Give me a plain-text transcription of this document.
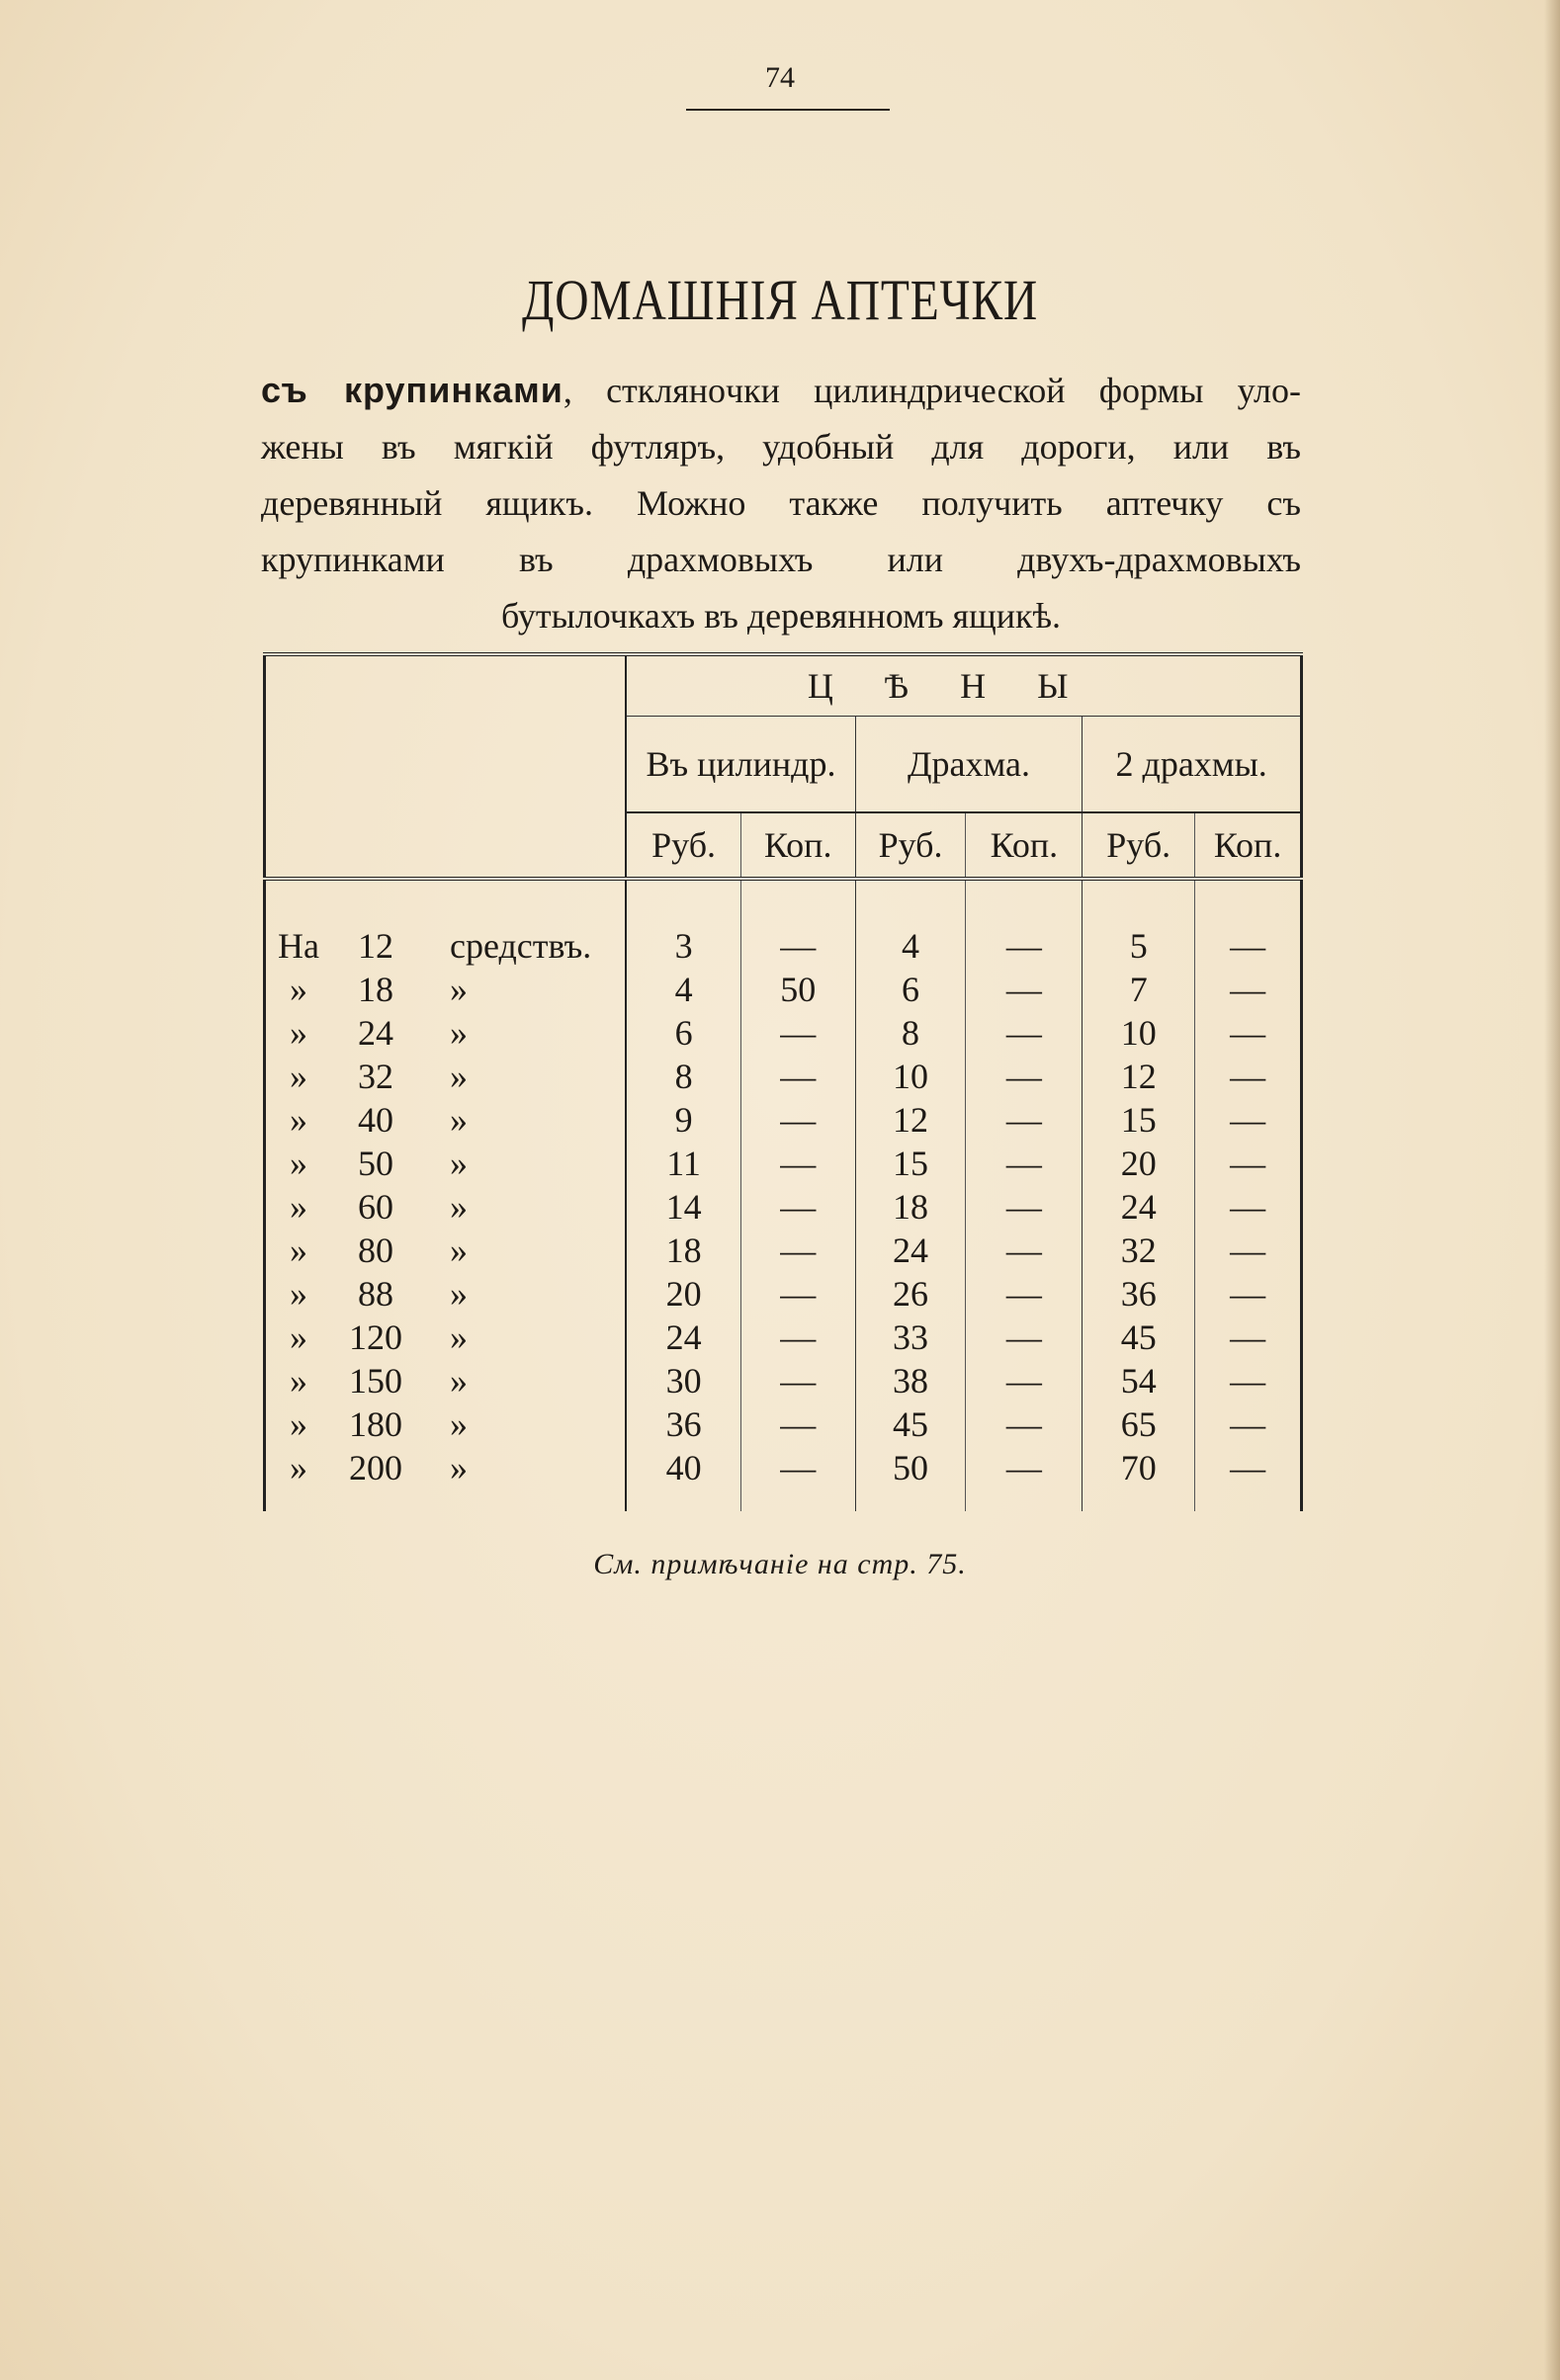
74
ДОМАШНІЯ АПТЕЧКИ
съ крупинками, стклянoчки цилиндрической формы уло-
жены въ мягкій футляръ, удобный для дороги, или въ
деревянный ящикъ. Можно также получить аптечку съ
крупинками въ драхмовыхъ или двухъ-драхмовыхъ
бутылочкахъ въ деревянномъ ящикѣ.
	ЦѢНЫ					
	Въ цилиндр.		Драхма.		2 драхмы.	
	Руб.	Коп.	Руб.	Коп.	Руб.	Коп.

На 12 средствъ.	3	—	4	—	5	—
» 18 »	4	50	6	—	7	—
» 24 »	6	—	8	—	10	—
» 32 »	8	—	10	—	12	—
» 40 »	9	—	12	—	15	—
» 50 »	11	—	15	—	20	—
» 60 »	14	—	18	—	24	—
» 80 »	18	—	24	—	32	—
» 88 »	20	—	26	—	36	—
» 120 »	24	—	33	—	45	—
» 150 »	30	—	38	—	54	—
» 180 »	36	—	45	—	65	—
» 200 »	40	—	50	—	70	—

См. примѣчаніе на стр. 75.
